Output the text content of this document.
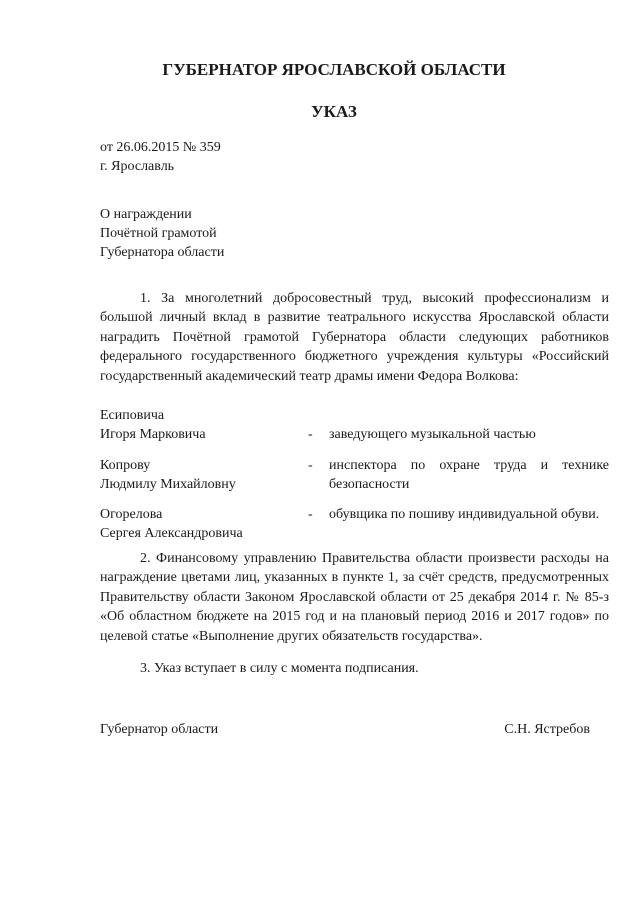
ГУБЕРНАТОР ЯРОСЛАВСКОЙ ОБЛАСТИ
УКАЗ

от 26.06.2015 № 359

г. Ярославль

О награждении
Почётной грамотой
Губернатора области

1. За многолетний добросовестный труд, высокий профессионализм и большой личный вклад в развитие театрального искусства Ярославской области наградить Почётной грамотой Губернатора области следующих работников федерального государственного бюджетного учреждения культуры «Российский государственный академический театр драмы имени Федора Волкова:

Есиповича
Игоря Марковича	- заведующего музыкальной частью
Копрову
Людмилу Михайловну
- инспектора по охране труда и технике безопасности
Огорелова
Сергея Александровича
- обувщика по пошиву индивидуальной обуви.

2. Финансовому управлению Правительства области произвести расходы на награждение цветами лиц, указанных в пункте 1, за счёт средств, предусмотренных Правительству области Законом Ярославской области от 25 декабря 2014 г. № 85-з «Об областном бюджете на 2015 год и на плановый период 2016 и 2017 годов» по целевой статье «Выполнение других обязательств государства».

3. Указ вступает в силу с момента подписания.

Губернатор области	С.Н. Ястребов
